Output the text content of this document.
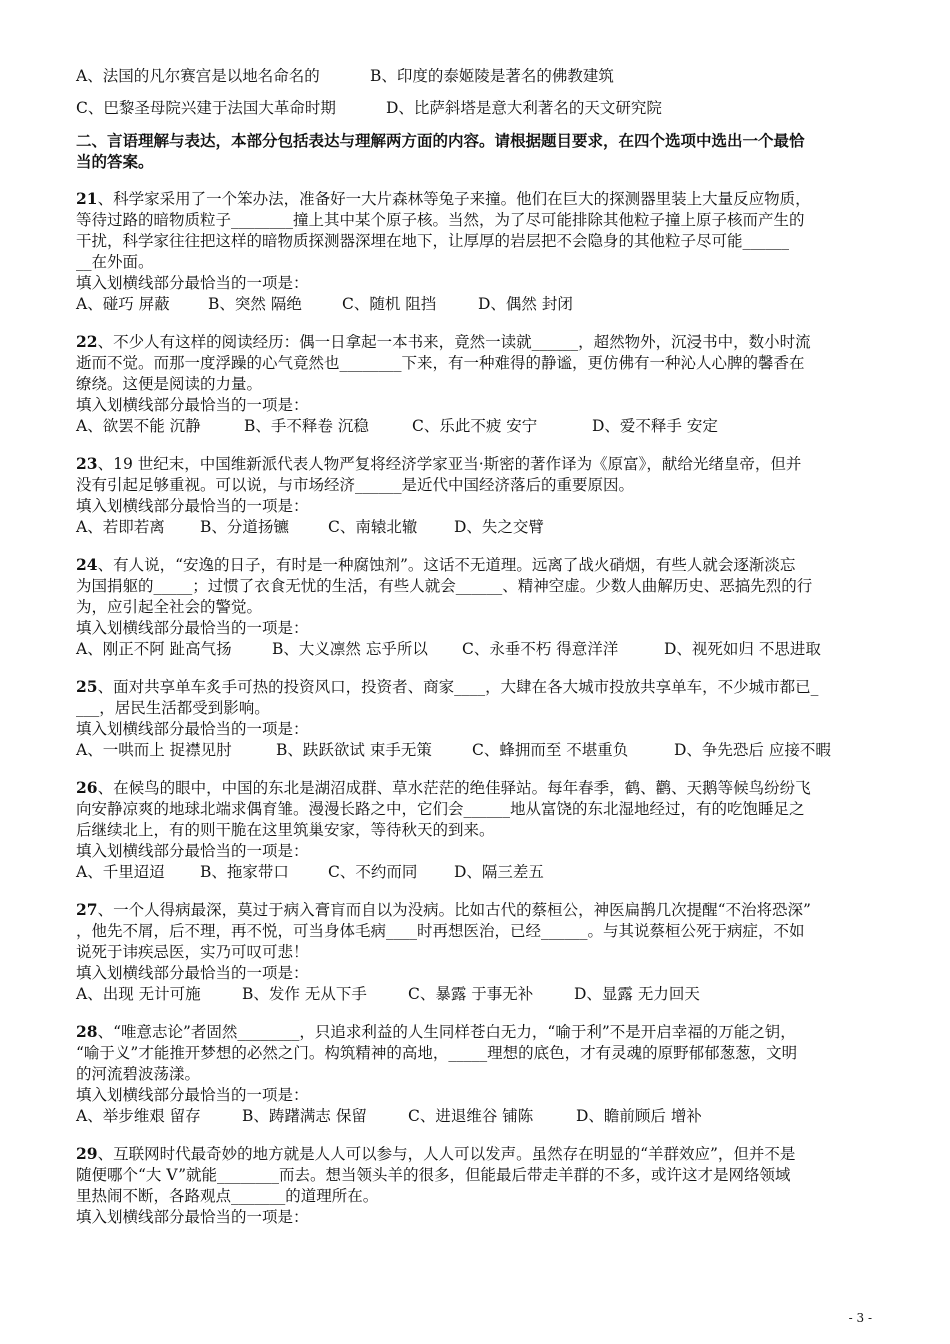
A、法国的凡尔赛宫是以地名命名的	B、印度的泰姬陵是著名的佛教建筑
C、巴黎圣母院兴建于法国大革命时期	D、比萨斜塔是意大利著名的天文研究院
二、言语理解与表达，本部分包括表达与理解两方面的内容。请根据题目要求，在四个选项中选出一个最恰
当的答案。
21、科学家采用了一个笨办法，准备好一大片森林等兔子来撞。他们在巨大的探测器里装上大量反应物质，
等待过路的暗物质粒子________撞上其中某个原子核。当然，为了尽可能排除其他粒子撞上原子核而产生的
干扰，科学家往往把这样的暗物质探测器深埋在地下，让厚厚的岩层把不会隐身的其他粒子尽可能______
__在外面。
填入划横线部分最恰当的一项是：
A、碰巧 屏蔽	B、突然 隔绝	C、随机 阻挡	D、偶然 封闭
22、不少人有这样的阅读经历：偶一日拿起一本书来，竟然一读就______，超然物外，沉浸书中，数小时流
逝而不觉。而那一度浮躁的心气竟然也________下来，有一种难得的静谧，更仿佛有一种沁人心脾的馨香在
缭绕。这便是阅读的力量。
填入划横线部分最恰当的一项是：
A、欲罢不能 沉静	B、手不释卷 沉稳	C、乐此不疲 安宁	D、爱不释手 安定
23、19 世纪末，中国维新派代表人物严复将经济学家亚当·斯密的著作译为《原富》，献给光绪皇帝，但并
没有引起足够重视。可以说，与市场经济______是近代中国经济落后的重要原因。
填入划横线部分最恰当的一项是：
A、若即若离	B、分道扬镳	C、南辕北辙	D、失之交臂
24、有人说，“安逸的日子，有时是一种腐蚀剂”。这话不无道理。远离了战火硝烟，有些人就会逐渐淡忘
为国捐躯的_____；过惯了衣食无忧的生活，有些人就会______、精神空虚。少数人曲解历史、恶搞先烈的行
为，应引起全社会的警觉。
填入划横线部分最恰当的一项是：
A、刚正不阿 趾高气扬	B、大义凛然 忘乎所以	C、永垂不朽 得意洋洋	D、视死如归 不思进取
25、面对共享单车炙手可热的投资风口，投资者、商家____，大肆在各大城市投放共享单车，不少城市都已_
___，居民生活都受到影响。
填入划横线部分最恰当的一项是：
A、一哄而上 捉襟见肘	B、趺跃欲试 束手无策	C、蜂拥而至 不堪重负	D、争先恐后 应接不暇
26、在候鸟的眼中，中国的东北是湖沼成群、草水茫茫的绝佳驿站。每年春季，鹤、鹳、天鹅等候鸟纷纷飞
向安静凉爽的地球北端求偶育雏。漫漫长路之中，它们会______地从富饶的东北湿地经过，有的吃饱睡足之
后继续北上，有的则干脆在这里筑巢安家，等待秋天的到来。
填入划横线部分最恰当的一项是：
A、千里迢迢	B、拖家带口	C、不约而同	D、隔三差五
27、一个人得病最深，莫过于病入膏肓而自以为没病。比如古代的蔡桓公，神医扁鹊几次提醒“不治将恐深”
，他先不屑，后不理，再不悦，可当身体毛病____时再想医治，已经______。与其说蔡桓公死于病症，不如
说死于讳疾忌医，实乃可叹可悲！
填入划横线部分最恰当的一项是：
A、出现 无计可施	B、发作 无从下手	C、暴露 于事无补	D、显露 无力回天
28、“唯意志论”者固然________，只追求利益的人生同样苍白无力，“喻于利”不是开启幸福的万能之钥，
“喻于义”才能推开梦想的必然之门。构筑精神的高地，_____理想的底色，才有灵魂的原野郁郁葱葱，文明
的河流碧波荡漾。
填入划横线部分最恰当的一项是：
A、举步维艰 留存	B、踌躇满志 保留	C、进退维谷 铺陈	D、瞻前顾后 增补
29、互联网时代最奇妙的地方就是人人可以参与，人人可以发声。虽然存在明显的“羊群效应”，但并不是
随便哪个“大 V”就能________而去。想当领头羊的很多，但能最后带走羊群的不多，或许这才是网络领域
里热闹不断，各路观点_______的道理所在。
填入划横线部分最恰当的一项是：
- 3 -
